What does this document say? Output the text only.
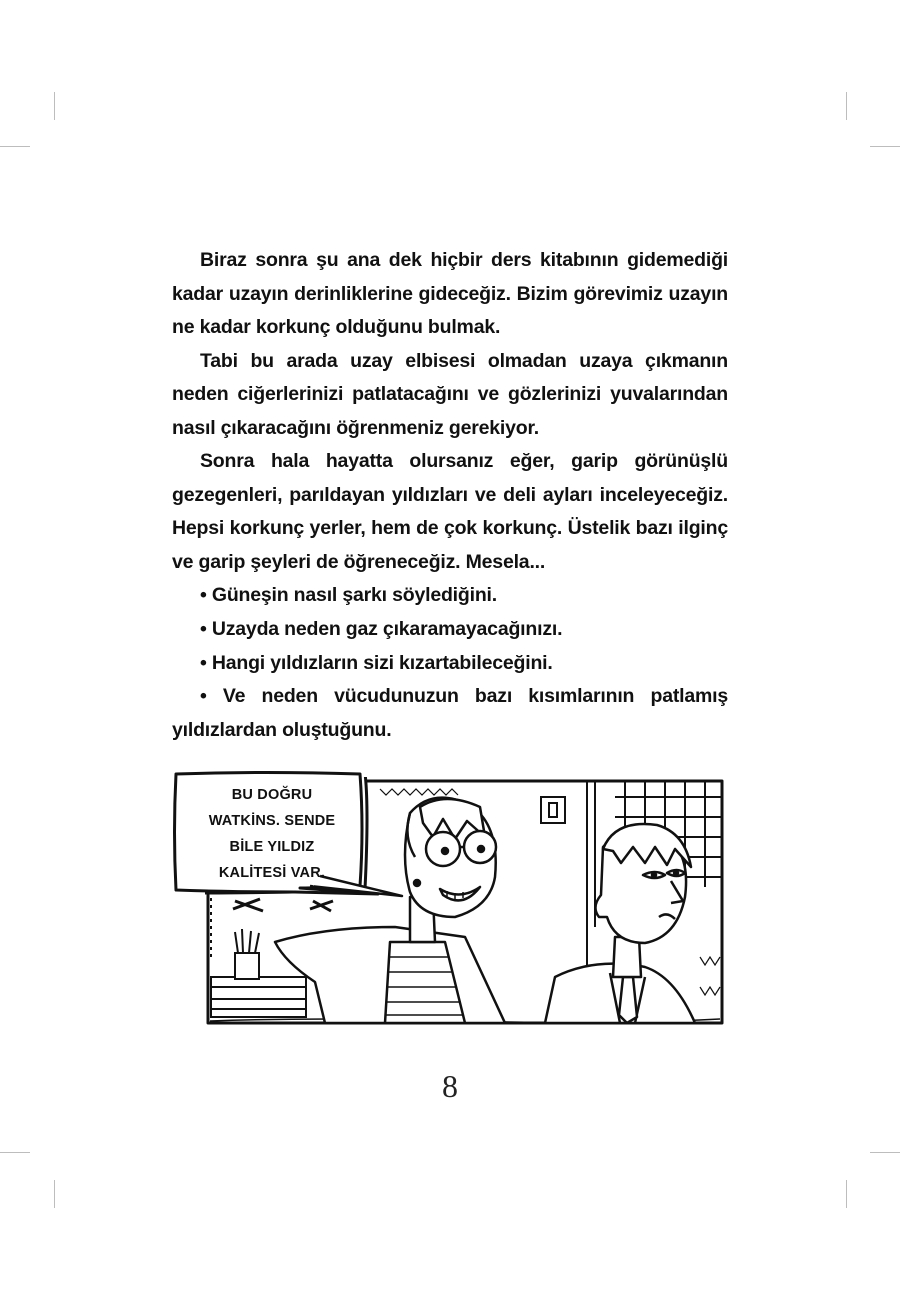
Biraz sonra şu ana dek hiçbir ders kitabının gidemediği kadar uzayın derinliklerine gideceğiz. Bizim görevimiz uzayın ne kadar korkunç olduğunu bulmak.

Tabi bu arada uzay elbisesi olmadan uzaya çıkmanın neden ciğerlerinizi patlatacağını ve gözlerinizi yuvalarından nasıl çıkaracağını öğrenmeniz gerekiyor.

Sonra hala hayatta olursanız eğer, garip görünüşlü gezegenleri, parıldayan yıldızları ve deli ayları inceleyeceğiz. Hepsi korkunç yerler, hem de çok korkunç. Üstelik bazı ilginç ve garip şeyleri de öğreneceğiz. Mesela...

• Güneşin nasıl şarkı söylediğini.

• Uzayda neden gaz çıkaramayacağınızı.

• Hangi yıldızların sizi kızartabileceğini.

• Ve neden vücudunuzun bazı kısımlarının patlamış yıldızlardan oluştuğunu.

BU DOĞRU
WATKİNS. SENDE
BİLE YILDIZ
KALİTESİ VAR.
8
